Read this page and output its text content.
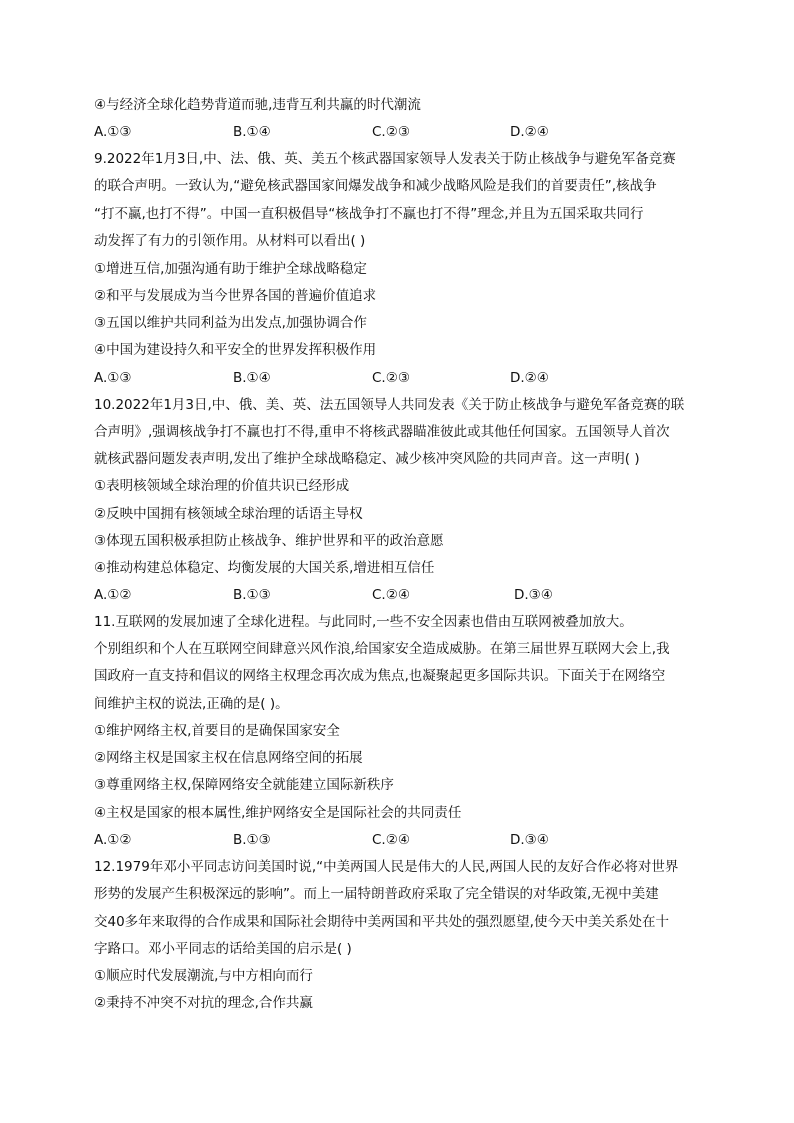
④与经济全球化趋势背道而驰,违背互利共赢的时代潮流
A.①③	B.①④	C.②③	D.②④
9.2022年1月3日,中、法、俄、英、美五个核武器国家领导人发表关于防止核战争与避免军备竞赛
的联合声明。一致认为,“避免核武器国家间爆发战争和减少战略风险是我们的首要责任”,核战争
“打不赢,也打不得”。中国一直积极倡导“核战争打不赢也打不得”理念,并且为五国采取共同行
动发挥了有力的引领作用。从材料可以看出( )
①增进互信,加强沟通有助于维护全球战略稳定
②和平与发展成为当今世界各国的普遍价值追求
③五国以维护共同利益为出发点,加强协调合作
④中国为建设持久和平安全的世界发挥积极作用
A.①③	B.①④	C.②③	D.②④
10.2022年1月3日,中、俄、美、英、法五国领导人共同发表《关于防止核战争与避免军备竞赛的联
合声明》,强调核战争打不赢也打不得,重申不将核武器瞄准彼此或其他任何国家。五国领导人首次
就核武器问题发表声明,发出了维护全球战略稳定、减少核冲突风险的共同声音。这一声明( )
①表明核领域全球治理的价值共识已经形成
②反映中国拥有核领域全球治理的话语主导权
③体现五国积极承担防止核战争、维护世界和平的政治意愿
④推动构建总体稳定、均衡发展的大国关系,增进相互信任
A.①②	B.①③	C.②④	D.③④
11.互联网的发展加速了全球化进程。与此同时,一些不安全因素也借由互联网被叠加放大。
个别组织和个人在互联网空间肆意兴风作浪,给国家安全造成威胁。在第三届世界互联网大会上,我
国政府一直支持和倡议的网络主权理念再次成为焦点,也凝聚起更多国际共识。下面关于在网络空
间维护主权的说法,正确的是( )。
①维护网络主权,首要目的是确保国家安全
②网络主权是国家主权在信息网络空间的拓展
③尊重网络主权,保障网络安全就能建立国际新秩序
④主权是国家的根本属性,维护网络安全是国际社会的共同责任
A.①②	B.①③	C.②④	D.③④
12.1979年邓小平同志访问美国时说,“中美两国人民是伟大的人民,两国人民的友好合作必将对世界
形势的发展产生积极深远的影响”。而上一届特朗普政府采取了完全错误的对华政策,无视中美建
交40多年来取得的合作成果和国际社会期待中美两国和平共处的强烈愿望,使今天中美关系处在十
字路口。邓小平同志的话给美国的启示是( )
①顺应时代发展潮流,与中方相向而行
②秉持不冲突不对抗的理念,合作共赢
